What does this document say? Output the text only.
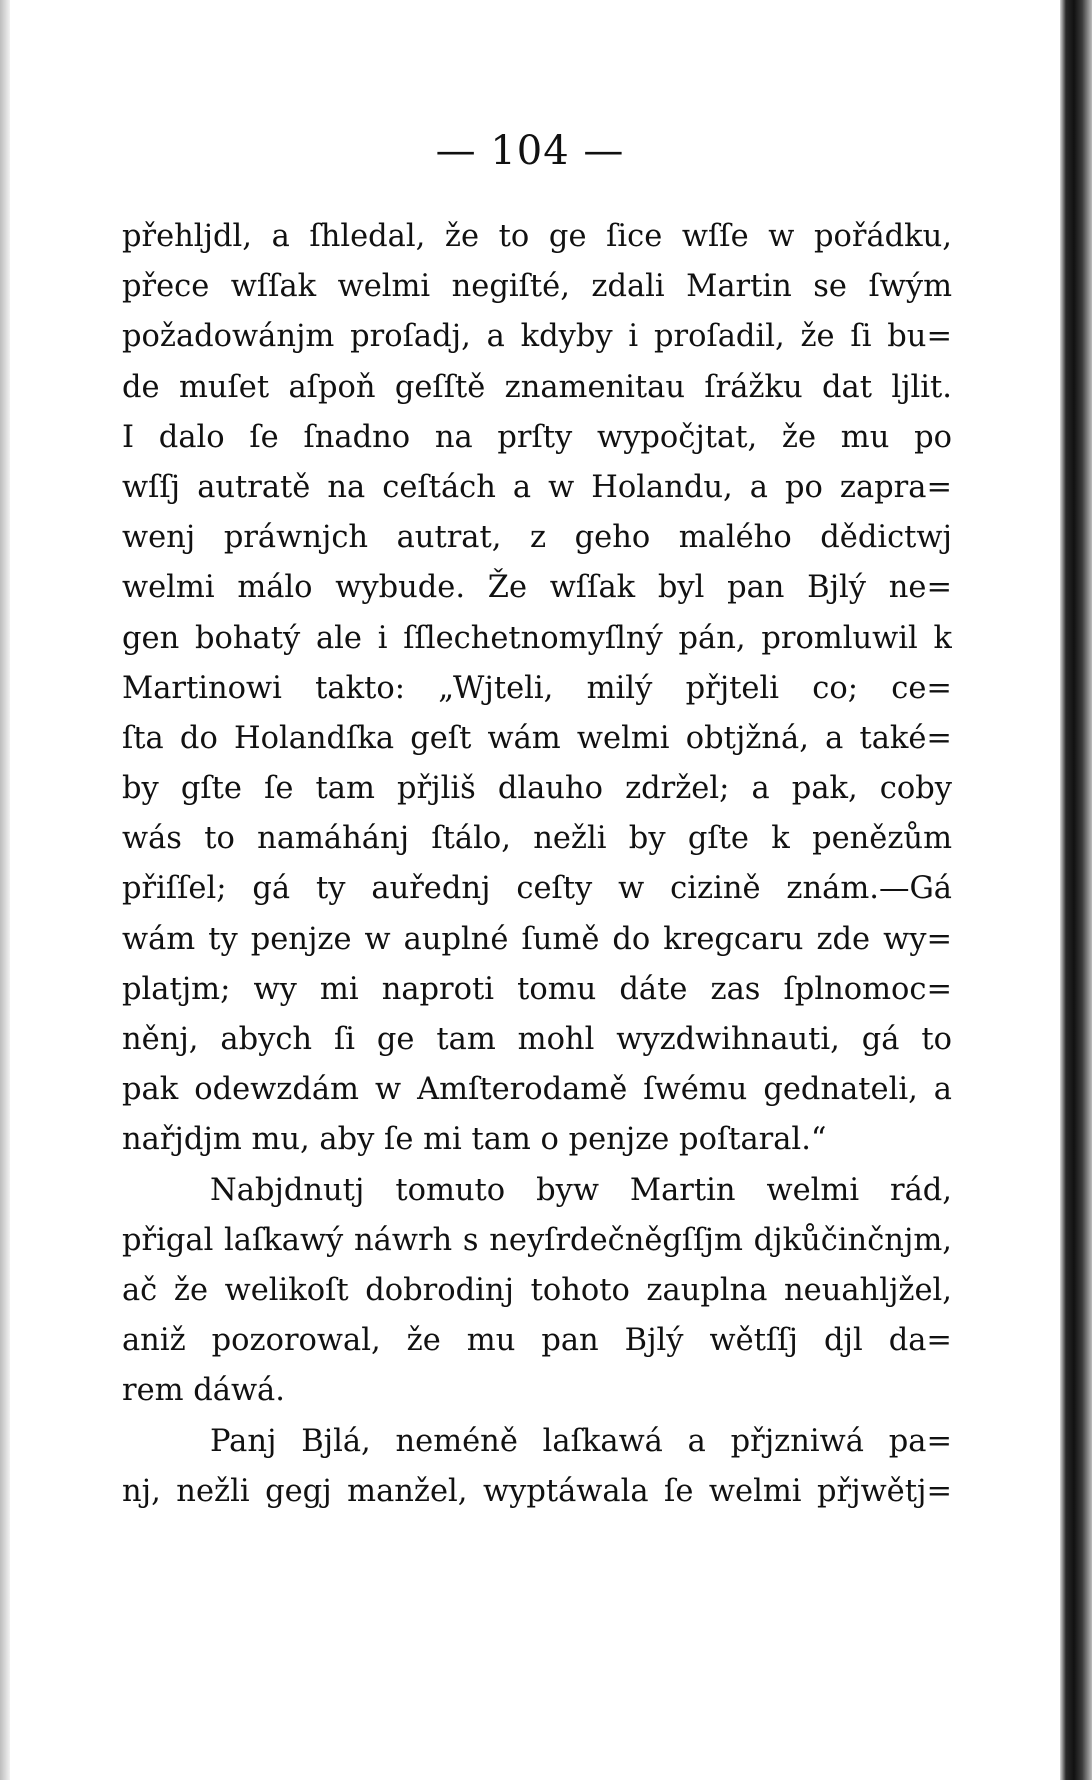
— 104 —
přehljdl, a ſhledal, že to ge ſice wſſe w pořádku,
přece wſſak welmi negiſté, zdali Martin se ſwým
požadowánjm proſadj, a kdyby i proſadil, že ſi bu=
de muſet aſpoň geſſtě znamenitau ſrážku dat ljlit.
I dalo ſe ſnadno na prſty wypočjtat, že mu po
wſſj autratě na ceſtách a w Holandu, a po zapra=
wenj práwnjch autrat, z geho malého dědictwj
welmi málo wybude. Že wſſak byl pan Bjlý ne=
gen bohatý ale i ſſlechetnomyſlný pán, promluwil k
Martinowi takto: „Wjteli, milý přjteli co; ce=
ſta do Holandſka geſt wám welmi obtjžná, a také=
by gſte ſe tam přjliš dlauho zdržel; a pak, coby
wás to namáhánj ſtálo, nežli by gſte k penězům
přiſſel; gá ty auřednj ceſty w cizině znám.—Gá
wám ty penjze w auplné ſumě do kregcaru zde wy=
platjm; wy mi naproti tomu dáte zas ſplnomoc=
něnj, abych ſi ge tam mohl wyzdwihnauti, gá to
pak odewzdám w Amſterodamě ſwému gednateli, a
nařjdjm mu, aby ſe mi tam o penjze poſtaral.“
Nabjdnutj tomuto byw Martin welmi rád,
přigal laſkawý náwrh s neyſrdečněgſſjm djkůčinčnjm,
ač že welikoſt dobrodinj tohoto zauplna neuahljžel,
aniž pozorowal, že mu pan Bjlý wětſſj djl da=
rem dáwá.
Panj Bjlá, neméně laſkawá a přjzniwá pa=
nj, nežli gegj manžel, wyptáwala ſe welmi přjwětj=
